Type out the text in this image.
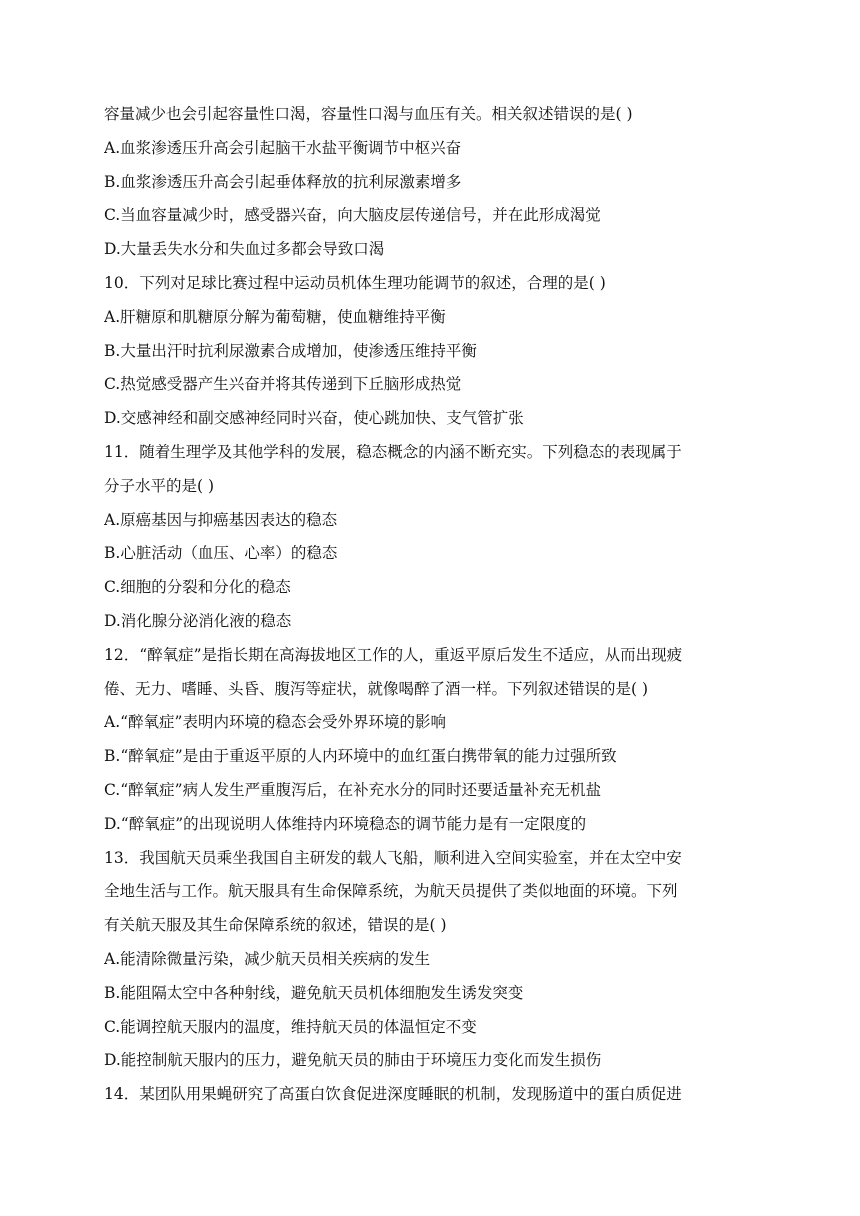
容量减少也会引起容量性口渴，容量性口渴与血压有关。相关叙述错误的是( )
A.血浆渗透压升高会引起脑干水盐平衡调节中枢兴奋
B.血浆渗透压升高会引起垂体释放的抗利尿激素增多
C.当血容量减少时，感受器兴奋，向大脑皮层传递信号，并在此形成渴觉
D.大量丢失水分和失血过多都会导致口渴
10．下列对足球比赛过程中运动员机体生理功能调节的叙述，合理的是( )
A.肝糖原和肌糖原分解为葡萄糖，使血糖维持平衡
B.大量出汗时抗利尿激素合成增加，使渗透压维持平衡
C.热觉感受器产生兴奋并将其传递到下丘脑形成热觉
D.交感神经和副交感神经同时兴奋，使心跳加快、支气管扩张
11．随着生理学及其他学科的发展，稳态概念的内涵不断充实。下列稳态的表现属于
分子水平的是( )
A.原癌基因与抑癌基因表达的稳态
B.心脏活动（血压、心率）的稳态
C.细胞的分裂和分化的稳态
D.消化腺分泌消化液的稳态
12．“醉氧症”是指长期在高海拔地区工作的人，重返平原后发生不适应，从而出现疲
倦、无力、嗜睡、头昏、腹泻等症状，就像喝醉了酒一样。下列叙述错误的是( )
A.“醉氧症”表明内环境的稳态会受外界环境的影响
B.“醉氧症”是由于重返平原的人内环境中的血红蛋白携带氧的能力过强所致
C.“醉氧症”病人发生严重腹泻后，在补充水分的同时还要适量补充无机盐
D.“醉氧症”的出现说明人体维持内环境稳态的调节能力是有一定限度的
13．我国航天员乘坐我国自主研发的载人飞船，顺利进入空间实验室，并在太空中安
全地生活与工作。航天服具有生命保障系统，为航天员提供了类似地面的环境。下列
有关航天服及其生命保障系统的叙述，错误的是( )
A.能清除微量污染，减少航天员相关疾病的发生
B.能阻隔太空中各种射线，避免航天员机体细胞发生诱发突变
C.能调控航天服内的温度，维持航天员的体温恒定不变
D.能控制航天服内的压力，避免航天员的肺由于环境压力变化而发生损伤
14．某团队用果蝇研究了高蛋白饮食促进深度睡眠的机制，发现肠道中的蛋白质促进
